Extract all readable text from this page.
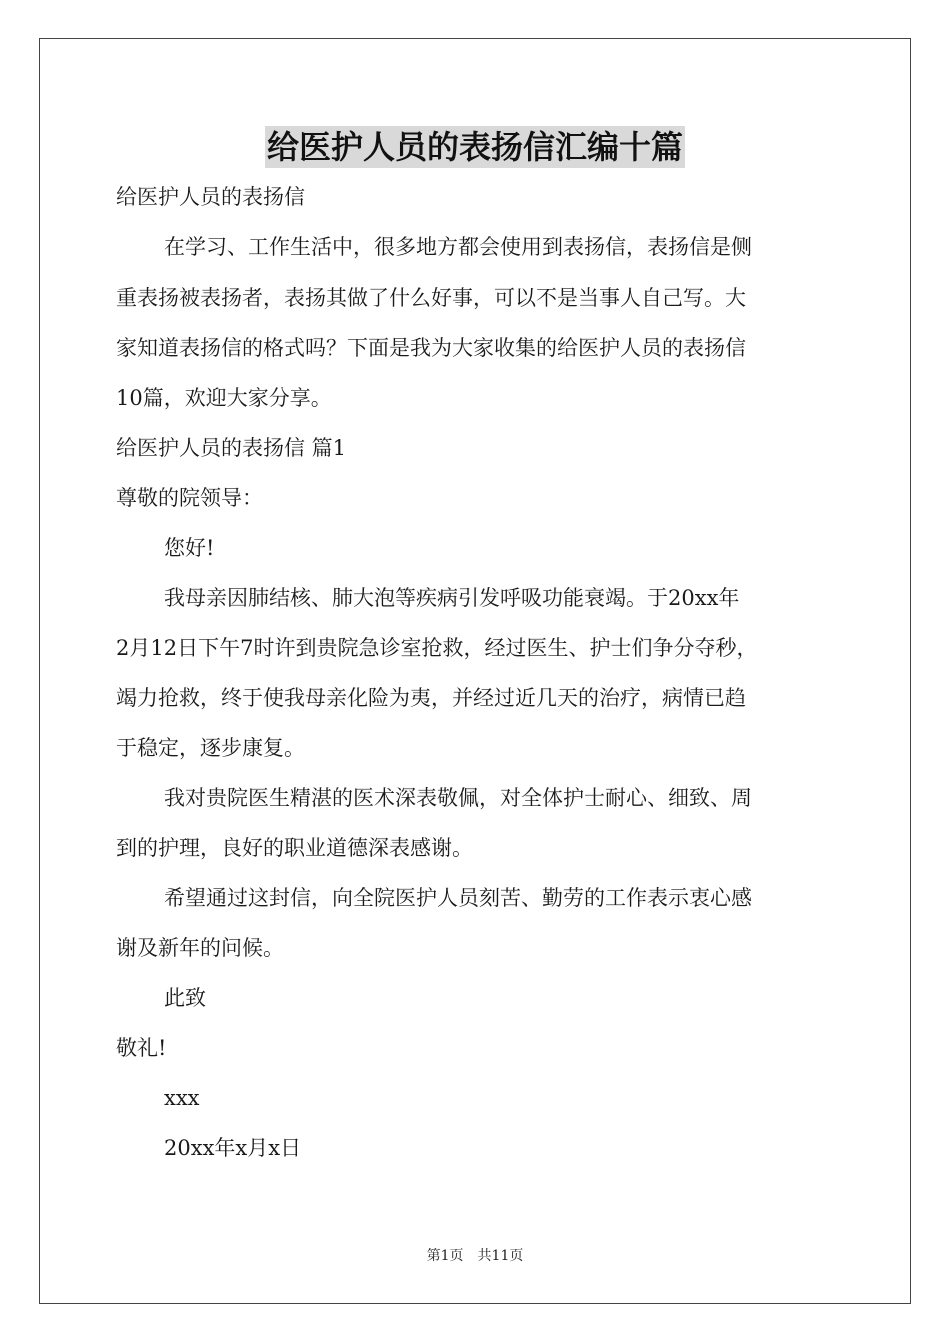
给医护人员的表扬信汇编十篇
给医护人员的表扬信
在学习、工作生活中，很多地方都会使用到表扬信，表扬信是侧
重表扬被表扬者，表扬其做了什么好事，可以不是当事人自己写。大
家知道表扬信的格式吗？下面是我为大家收集的给医护人员的表扬信
10篇，欢迎大家分享。
给医护人员的表扬信 篇1
尊敬的院领导：
您好!
我母亲因肺结核、肺大泡等疾病引发呼吸功能衰竭。于20xx年
2月12日下午7时许到贵院急诊室抢救，经过医生、护士们争分夺秒，
竭力抢救，终于使我母亲化险为夷，并经过近几天的治疗，病情已趋
于稳定，逐步康复。
我对贵院医生精湛的医术深表敬佩，对全体护士耐心、细致、周
到的护理，良好的职业道德深表感谢。
希望通过这封信，向全院医护人员刻苦、勤劳的工作表示衷心感
谢及新年的问候。
此致
敬礼!
xxx
20xx年x月x日
第1页 共11页
